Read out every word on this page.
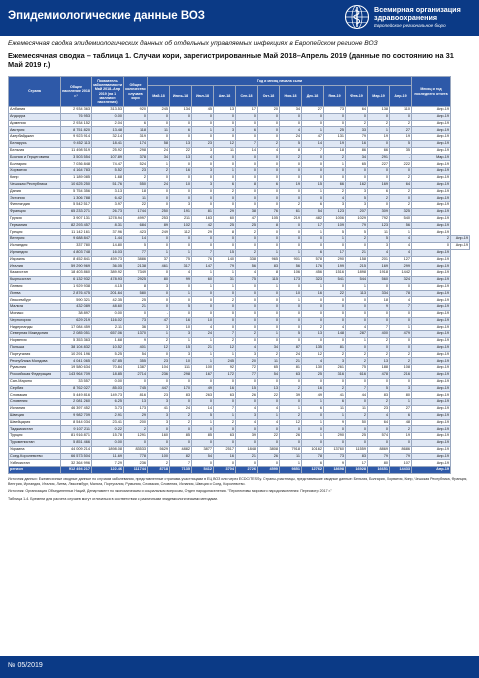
Эпидемиологические данные ВОЗ
Всемирная организация
здравоохранения
Европейское региональное бюро
Ежемесячная сводка эпидемиологических данных об отдельных управляемых инфекциях в Европейском регионе ВОЗ
Ежемесячная сводка – таблица 1. Случаи кори, зарегистрированные Май 2018–Апрель 2019 (данные по состоянию на 31 Май 2019 г.)
Страна	Общее население 2018 г.¹	Показатель заболеваемости Май 2018–Апр 2019 (на 1 миллион населения)	Общее количество случаев кори	Год и месяц начала сыпи												Месяц и год последнего отчета	
				Май-18	Июнь-18	Июл-18	Авг-18	Сен-18	Окт-18	Ноя-18	Дек-18	Янв-19	Фев-19	Мар-19	Апр-19		
Албания	2 934 363	313.53	920	245	134	45	13	17	20	34	27	73	64	138	110	Апр-19	
Андорра	76 953	0.00	0	0	0	0	0	0	0	0	0	0	0	0	0	Апр-19	
Армения	2 934 152	2.04	6	0	0	0	0	0	0	0	0	0	2	2	2	Апр-19	
Австрия	8 751 820	13.48	118	11	6	1	3	6	0	4	1	25	33	1	27	Апр-19	
Азербайджан	9 923 914	32.14	319	0	0	0	0	0	0	24	47	131	79	19	19	Апр-19	
Беларусь	9 452 113	18.41	174	58	13	23	12	7	2	5	14	19	16	0	5	Апр-19	
Бельгия	11 498 519	25.92	298	24	22	3	11	14	4	8	7	18	86	66	35	Апр-19	
Босния и Герцеговина	3 503 554	107.89	378	34	13	4	0	0	0	2	0	2	34	291	-	Мар-19	
Болгария	7 036 848	74.47	524	1	0	0	0	0	0	0	0	1	65	227	222	Апр-19	
Хорватия	4 164 783	5.52	23	2	16	3	1	0	0	0	0	0	0	0	0	Апр-19	
Кипр	1 189 085	1.68	2	0	0	0	0	0	0	0	0	0	0	0	2	Апр-19	
Чешская Республика	10 625 250	51.76	550	24	10	3	6	8	6	19	15	66	162	169	64	Апр-19	
Дания	5 754 356	3.13	18	0	0	0	2	0	0	0	1	2	3	6	2	Апр-19	
Эстония	1 306 788	6.42	11	0	0	0	0	0	0	0	0	4	5	2	0	Апр-19	
Финляндия	5 542 517	3.97	22	0	3	0	0	0	0	2	6	3	3	0	2	Апр-19	
Франция	65 233 271	26.73	1744	250	191	81	29	38	76	61	54	123	207	309	325	Апр-19	
Грузия	3 907 131	1278.94	4997	253	211	163	60	47	105	219	482	1006	1029	792	540	Апр-19	
Германия	82 293 457	8.31	684	89	102	42	25	25	8	0	17	109	79	123	56	Апр-19	
Греция	11 142 161	37.96	423	249	112	29	8	2	0	0	1	5	5	11	1	Апр-19	
Венгрия	9 688 847	1.44	14	0	0	0	0	0	0	0	0	1	2	5	4	2	Апр-19
Исландия	337 780	14.80	5	0	0	0	0	0	0	0	0	0	0	3	4	0	Апр-19
Ирландия	4 803 748	16.03	77	1	1	7	15	2	1	1	6	17	21	4	4	Апр-19	
Израиль	8 452 841	459.73	3886	37	75	76	140	338	965	901	578	290	158	201	127	Апр-19	
Италия	59 290 969	36.05	2138	461	317	147	79	56	83	56	176	199	215	169	299	Апр-19	
Казахстан	18 403 860	389.92	7349	0	4	1	1	4	8	106	456	1516	1898	1918	1442	Апр-19	
Кыргызстан	6 132 932	478.93	2925	80	99	60	31	75	115	173	323	541	544	560	324	Апр-19	
Латвия	1 929 938	4.15	8	3	0	1	1	0	1	0	1	0	1	0	0	Апр-19	
Литва	2 876 475	201.64	580	0	1	0	0	0	0	10	16	22	113	334	78	Апр-19	
Люксембург	590 321	42.35	25	0	0	0	2	0	0	1	0	0	0	18	4	Апр-19	
Мальта	432 089	48.60	21	0	5	0	0	0	0	0	0	0	0	9	7	Апр-19	
Монако	38 897	0.00	0	-	0	0	0	0	0	0	0	0	0	0	0	Апр-19	
Черногория	629 219	116.02	73	47	16	10	0	0	0	0	0	0	0	0	0	Апр-19	
Нидерланды	17 084 459	2.11	36	3	10	4	0	0	0	0	2	4	4	7	1	Апр-19	
Северная Македония	2 085 051	657.06	1370	1	3	24	7	2	1	5	13	148	287	400	479	Апр-19	
Норвегия	5 353 363	1.68	9	2	1	1	2	0	0	0	0	0	1	2	0	Апр-19	
Польша	38 104 832	10.52	401	12	15	21	12	4	34	87	135	81	0	0	0	Апр-19	
Португалия	10 291 196	5.25	54	0	3	1	1	3	2	24	12	2	2	2	2	Апр-19	
Республика Молдова	4 041 065	67.85	355	23	10	1	245	20	11	21	4	3	2	13	2	Апр-19	
Румыния	19 580 634	70.84	1387	104	111	100	92	72	65	81	130	261	75	188	108	Апр-19	
Российская Федерация	143 964 709	18.85	2714	236	298	167	172	77	54	63	25	316	616	478	216	Апр-19	
Сан-Марино	33 557	0.00	0	0	0	0	0	0	0	0	0	0	0	0	0	Апр-19	
Сербия	8 762 027	85.03	745	447	170	49	16	15	13	2	16	2	7	5	3	Апр-19	
Словакия	5 449 816	149.73	816	23	83	263	63	26	22	39	49	41	44	83	80	Апр-19	
Словения	2 081 260	6.25	13	3	0	0	0	0	0	0	1	6	0	2	1	Апр-19	
Испания	46 397 452	3.73	173	41	24	14	7	4	4	1	6	11	11	23	27	Апр-19	
Швеция	9 982 709	2.91	29	3	2	5	1	3	1	2	0	1	2	4	6	Апр-19	
Швейцария	8 544 034	23.41	200	3	2	1	2	4	4	12	1	9	50	64	48	Апр-19	
Таджикистан	9 107 211	0.22	2	0	0	0	0	0	0	0	0	0	0	0	2	Апр-19	
Турция	81 916 871	15.78	1291	160	85	85	63	39	22	26	1	290	25	574	19	Апр-19	
Туркменистан	5 851 466	0.00	0	0	0	0	0	0	0	0	0	0	0	0	0	Апр-19	
Украина	44 009 214	1898.08	83533	5629	4882	3877	2517	1848	3808	7918	10162	13760	11559	8869	8686	Апр-19	
Соед.Королевство	66 573 504	11.69	778	100	82	54	16	21	26	11	78	73	83	79	79	Апр-19	
Узбекистан	32 364 996	7.29	236	2	7	0	0	0	0	1	6	9	17	80	107	Апр-19	
регион	912 494 217	122.46	111744	8718	7135	5412	3704	2726	4590	9851	12762	18698	16928	16651	14433	Апр-19	
Источник данных: Ежемесячные сводные данные по случаям заболевания, представленные странами-участницами в ЕЦ ВОЗ или через ECDC/TESSy. Страны-участницы, представившие сводные данные: Бельгия, Болгария, Хорватия, Кипр, Чешская Республика, Франция, Венгрия, Ирландия, Италия, Литва, Люксембург, Мальта, Португалия, Румыния, Словакия, Словения, Испания, Швеция и Соед. Королевство.
Источник: Организация Объединенных Наций, Департамент по экономическим и социальным вопросам, Отдел народонаселения. "Перспективы мирового народонаселения: Пересмотр 2017 г."
Таблица 1-4. Бремени для расчета случаев могут отличаться в соответствии с различными эпидемиологическими методами.
№ 05/2019
